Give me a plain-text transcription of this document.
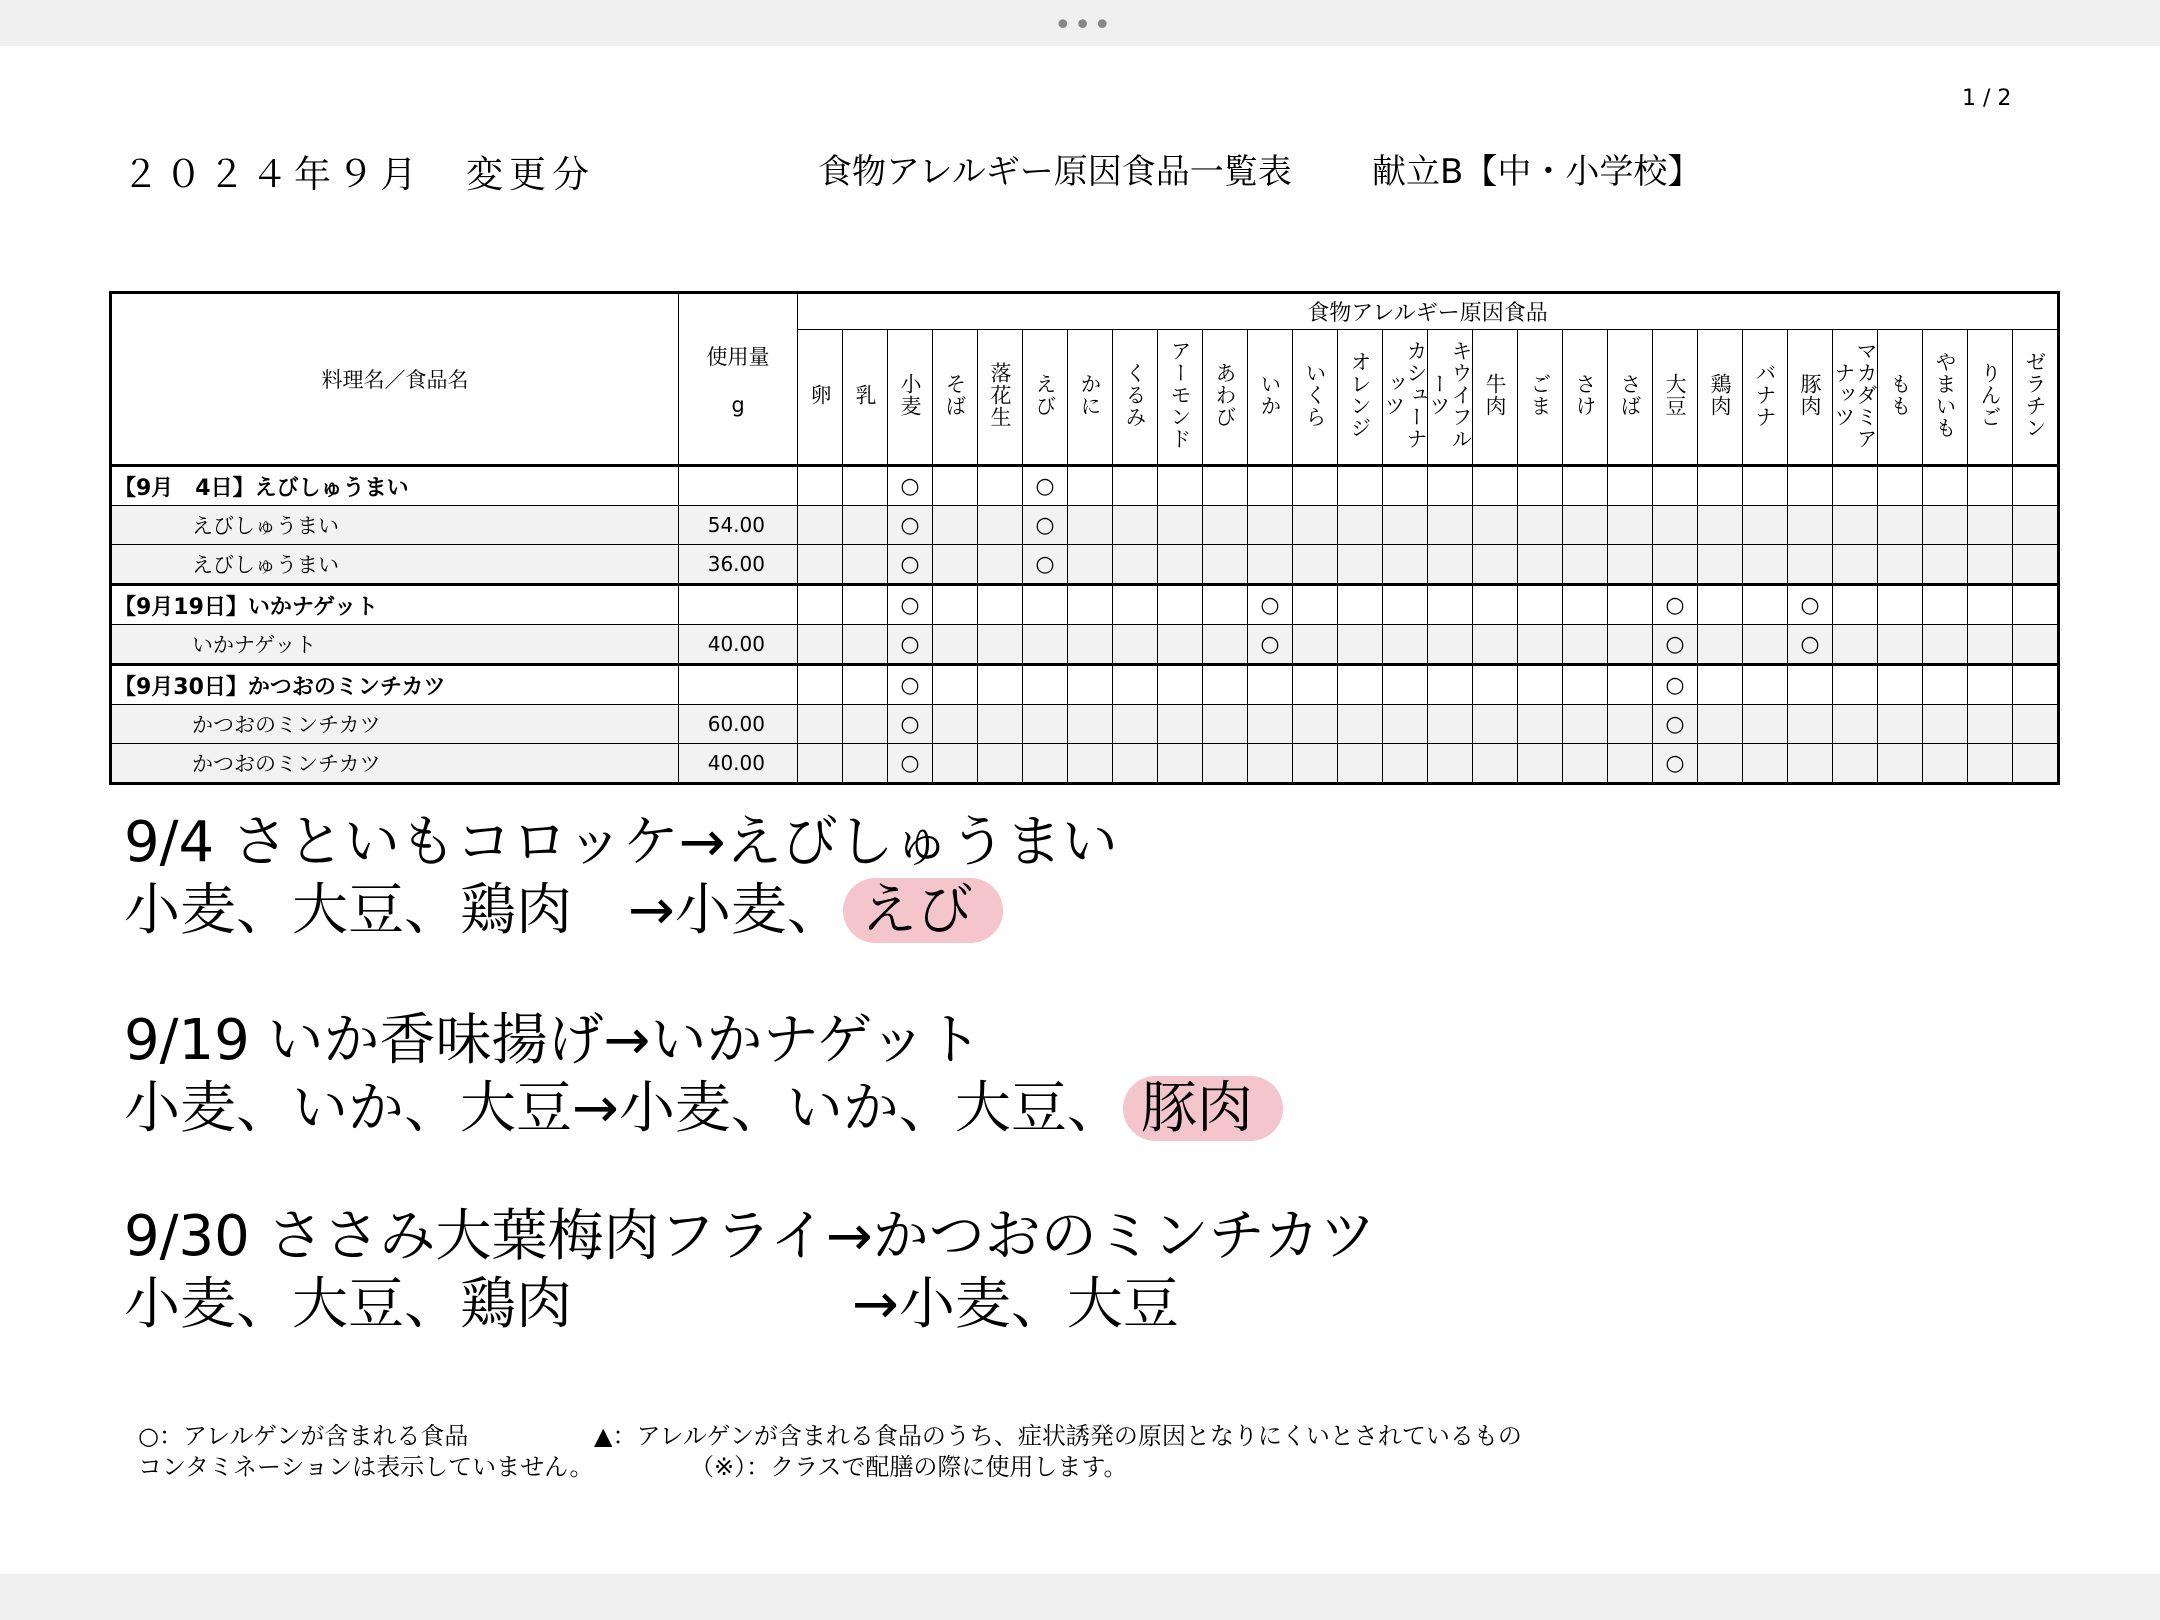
•••
1 / 2
２０２４年９月　変更分	食物アレルギー原因食品一覧表 献立B【中・小学校】
料理名／食品名	使用量
g	食物アレルギー原因食品																											
		卵	乳	小麦	そば	落花生	えび	かに	くるみ	アーモンド	あわび	いか	いくら	オレンジ	カシューナッツ	キウイフルーツ	牛肉	ごま	さけ	さば	大豆	鶏肉	バナナ	豚肉	マカダミアナッツ	もも	やまいも	りんご	ゼラチン
【9月　4日】えびしゅうまい				○			○																						
えびしゅうまい	54.00			○			○																						
えびしゅうまい	36.00			○			○																						
【9月19日】いかナゲット				○								○									○			○					
いかナゲット	40.00			○								○									○			○					
【9月30日】かつおのミンチカツ				○																	○								
かつおのミンチカツ	60.00			○																	○								
かつおのミンチカツ	40.00			○																	○								
9/4 さといもコロッケ→えびしゅうまい
小麦、大豆、鶏肉　→小麦、 えび
9/19 いか香味揚げ→いかナゲット
小麦、いか、大豆→小麦、いか、大豆、 豚肉
9/30 ささみ大葉梅肉フライ→かつおのミンチカツ
小麦、大豆、鶏肉　　　　　→小麦、大豆
○：アレルゲンが含まれる食品	▲：アレルゲンが含まれる食品のうち、症状誘発の原因となりにくいとされているもの
コンタミネーションは表示していません。	（※）：クラスで配膳の際に使用します。
